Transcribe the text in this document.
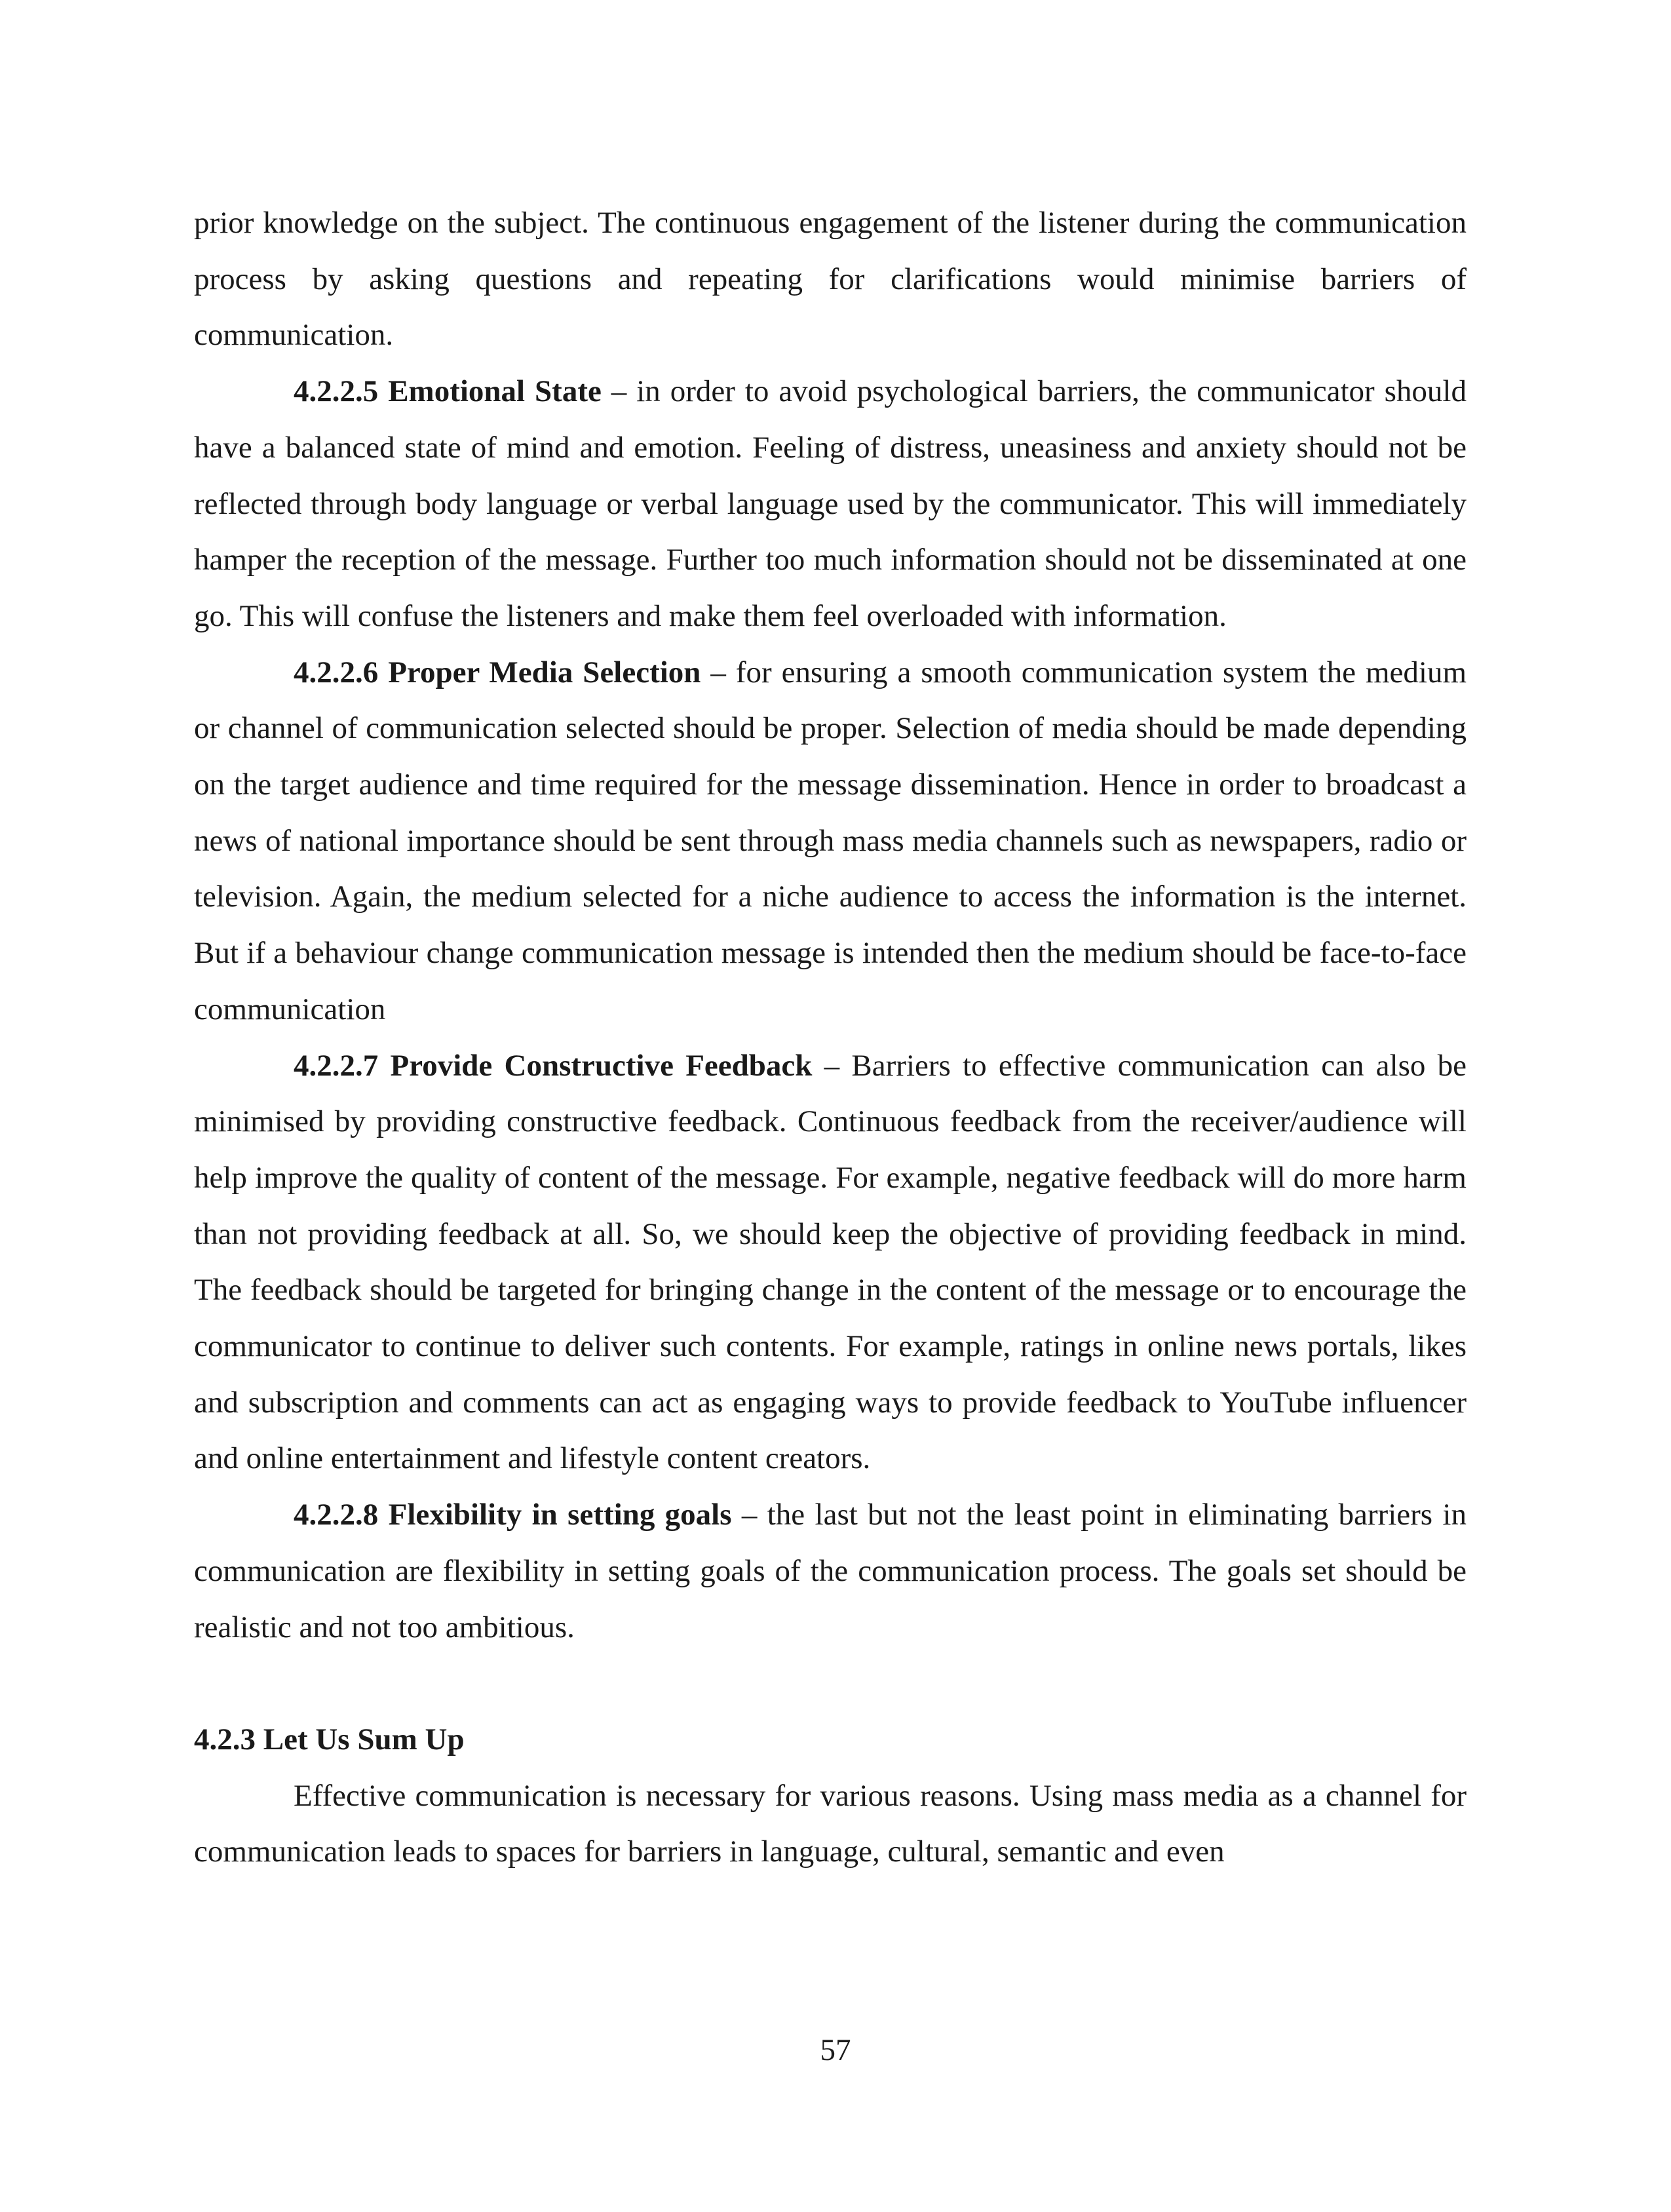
prior knowledge on the subject. The continuous engagement of the listener during the communication process by asking questions and repeating for clarifications would minimise barriers of communication.

4.2.2.5 Emotional State – in order to avoid psychological barriers, the communicator should have a balanced state of mind and emotion. Feeling of distress, uneasiness and anxiety should not be reflected through body language or verbal language used by the communicator. This will immediately hamper the reception of the message. Further too much information should not be disseminated at one go. This will confuse the listeners and make them feel overloaded with information.

4.2.2.6 Proper Media Selection – for ensuring a smooth communication system the medium or channel of communication selected should be proper. Selection of media should be made depending on the target audience and time required for the message dissemination. Hence in order to broadcast a news of national importance should be sent through mass media channels such as newspapers, radio or television. Again, the medium selected for a niche audience to access the information is the internet. But if a behaviour change communication message is intended then the medium should be face-to-face communication

4.2.2.7 Provide Constructive Feedback – Barriers to effective communication can also be minimised by providing constructive feedback. Continuous feedback from the receiver/audience will help improve the quality of content of the message. For example, negative feedback will do more harm than not providing feedback at all. So, we should keep the objective of providing feedback in mind. The feedback should be targeted for bringing change in the content of the message or to encourage the communicator to continue to deliver such contents. For example, ratings in online news portals, likes and subscription and comments can act as engaging ways to provide feedback to YouTube influencer and online entertainment and lifestyle content creators.

4.2.2.8 Flexibility in setting goals – the last but not the least point in eliminating barriers in communication are flexibility in setting goals of the communication process. The goals set should be realistic and not too ambitious.

4.2.3 Let Us Sum Up

Effective communication is necessary for various reasons. Using mass media as a channel for communication leads to spaces for barriers in language, cultural, semantic and even

57
